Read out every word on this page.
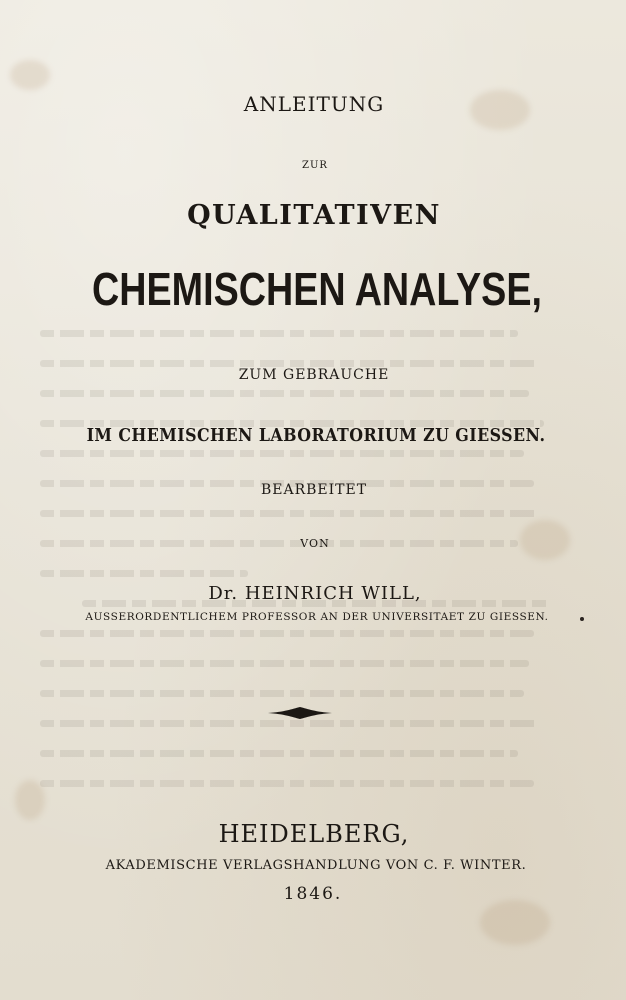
ANLEITUNG
ZUR
QUALITATIVEN
CHEMISCHEN ANALYSE,
ZUM GEBRAUCHE
IM CHEMISCHEN LABORATORIUM ZU GIESSEN.
BEARBEITET
VON
Dr. HEINRICH WILL,
AUSSERORDENTLICHEM PROFESSOR AN DER UNIVERSITAET ZU GIESSEN.
HEIDELBERG,
AKADEMISCHE VERLAGSHANDLUNG VON C. F. WINTER.
1846.
